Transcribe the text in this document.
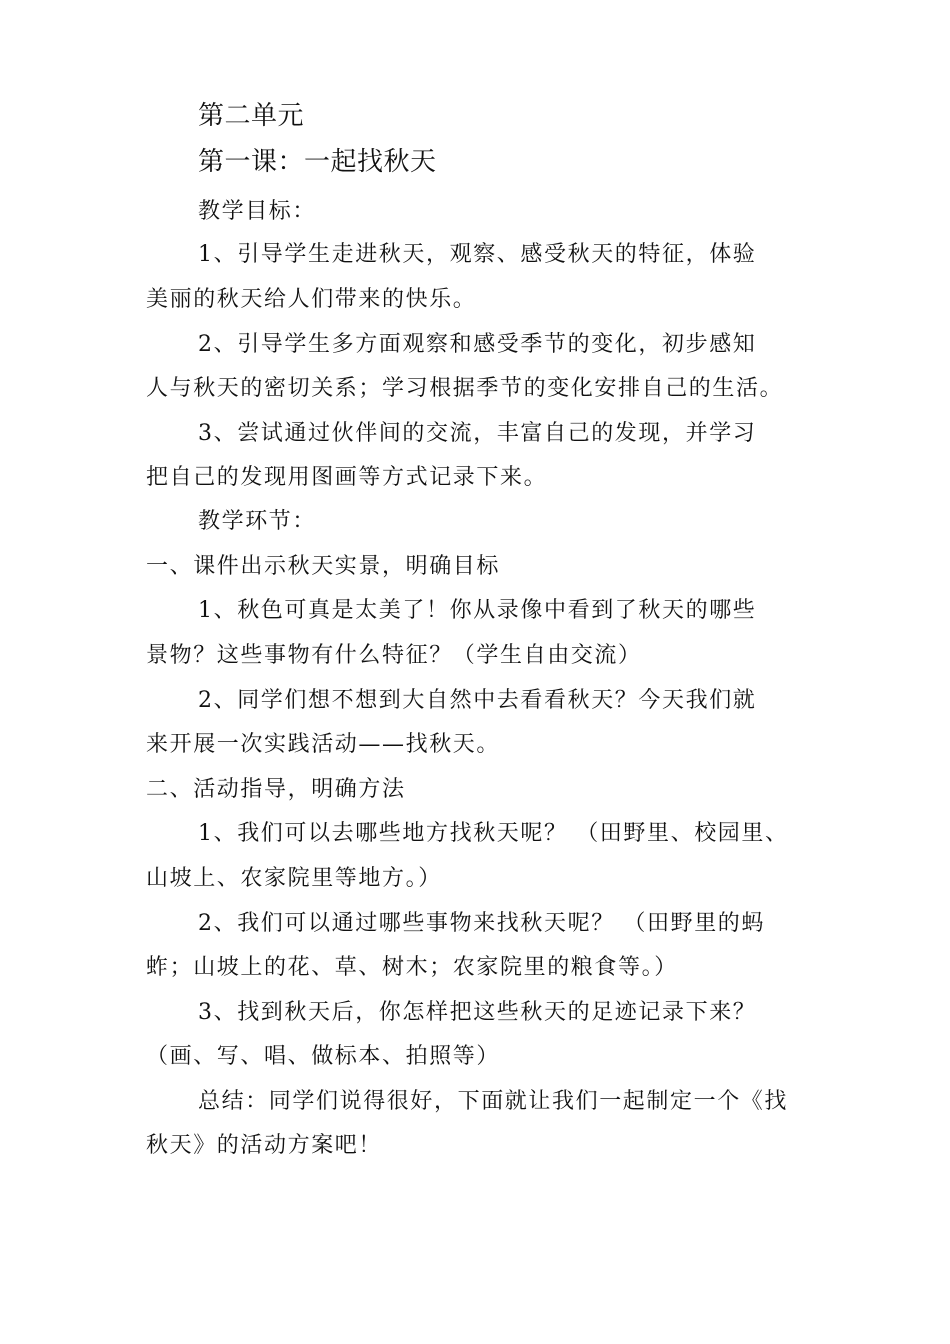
第二单元
第一课：一起找秋天
教学目标：
1、引导学生走进秋天，观察、感受秋天的特征，体验
美丽的秋天给人们带来的快乐。
2、引导学生多方面观察和感受季节的变化，初步感知
人与秋天的密切关系；学习根据季节的变化安排自己的生活。
3、尝试通过伙伴间的交流，丰富自己的发现，并学习
把自己的发现用图画等方式记录下来。
教学环节：
一、课件出示秋天实景，明确目标
1、秋色可真是太美了！你从录像中看到了秋天的哪些
景物？这些事物有什么特征？（学生自由交流）
2、同学们想不想到大自然中去看看秋天？今天我们就
来开展一次实践活动——找秋天。
二、活动指导，明确方法
1、我们可以去哪些地方找秋天呢？ （田野里、校园里、
山坡上、农家院里等地方。）
2、我们可以通过哪些事物来找秋天呢？ （田野里的蚂
蚱；山坡上的花、草、树木；农家院里的粮食等。）
3、找到秋天后，你怎样把这些秋天的足迹记录下来？
（画、写、唱、做标本、拍照等）
总结：同学们说得很好，下面就让我们一起制定一个《找
秋天》的活动方案吧！
